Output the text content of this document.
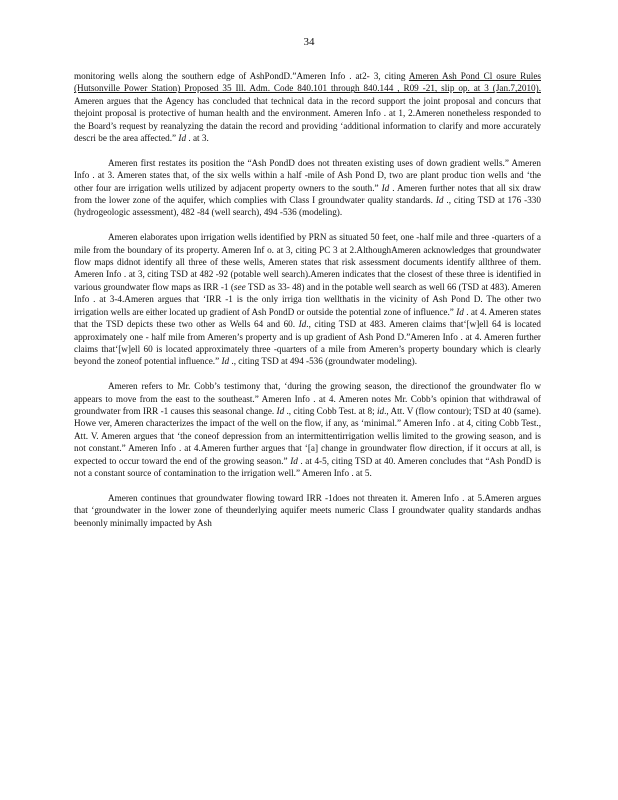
34

monitoring wells along the southern edge of AshPondD.”Ameren Info . at2- 3, citing Ameren Ash Pond Cl osure Rules (Hutsonville Power Station) Proposed 35 Ill. Adm. Code 840.101 through 840.144 , R09 -21, slip op. at 3 (Jan.7,2010). Ameren argues that the Agency has concluded that technical data in the record support the joint proposal and concurs that thejoint proposal is protective of human health and the environment. Ameren Info . at 1, 2.Ameren nonetheless responded to the Board’s request by reanalyzing the datain the record and providing ‘additional information to clarify and more accurately descri be the area affected.” Id . at 3.

Ameren first restates its position the “Ash PondD does not threaten existing uses of down gradient wells.” Ameren Info . at 3. Ameren states that, of the six wells within a half -mile of Ash Pond D, two are plant produc tion wells and ‘the other four are irrigation wells utilized by adjacent property owners to the south.” Id . Ameren further notes that all six draw from the lower zone of the aquifer, which complies with Class I groundwater quality standards. Id ., citing TSD at 176 -330 (hydrogeologic assessment), 482 -84 (well search), 494 -536 (modeling).

Ameren elaborates upon irrigation wells identified by PRN as situated 50 feet, one -half mile and three -quarters of a mile from the boundary of its property. Ameren Inf o. at 3, citing PC 3 at 2.AlthoughAmeren acknowledges that groundwater flow maps didnot identify all three of these wells, Ameren states that risk assessment documents identify allthree of them. Ameren Info . at 3, citing TSD at 482 -92 (potable well search).Ameren indicates that the closest of these three is identified in various groundwater flow maps as IRR -1 (see TSD as 33- 48) and in the potable well search as well 66 (TSD at 483). Ameren Info . at 3-4.Ameren argues that ‘IRR -1 is the only irriga tion wellthatis in the vicinity of Ash Pond D. The other two irrigation wells are either located up gradient of Ash PondD or outside the potential zone of influence.” Id . at 4. Ameren states that the TSD depicts these two other as Wells 64 and 60. Id., citing TSD at 483. Ameren claims that‘[w]ell 64 is located approximately one - half mile from Ameren’s property and is up gradient of Ash Pond D.”Ameren Info . at 4. Ameren further claims that‘[w]ell 60 is located approximately three -quarters of a mile from Ameren’s property boundary which is clearly beyond the zoneof potential influence.” Id ., citing TSD at 494 -536 (groundwater modeling).

Ameren refers to Mr. Cobb’s testimony that, ‘during the growing season, the directionof the groundwater flo w appears to move from the east to the southeast.” Ameren Info . at 4. Ameren notes Mr. Cobb’s opinion that withdrawal of groundwater from IRR -1 causes this seasonal change. Id ., citing Cobb Test. at 8; id., Att. V (flow contour); TSD at 40 (same). Howe ver, Ameren characterizes the impact of the well on the flow, if any, as ‘minimal.” Ameren Info . at 4, citing Cobb Test., Att. V. Ameren argues that ‘the coneof depression from an intermittentirrigation wellis limited to the growing season, and is not constant.” Ameren Info . at 4.Ameren further argues that ‘[a] change in groundwater flow direction, if it occurs at all, is expected to occur toward the end of the growing season.” Id . at 4-5, citing TSD at 40. Ameren concludes that “Ash PondD is not a constant source of contamination to the irrigation well.” Ameren Info . at 5.

Ameren continues that groundwater flowing toward IRR -1does not threaten it. Ameren Info . at 5.Ameren argues that ‘groundwater in the lower zone of theunderlying aquifer meets numeric Class I groundwater quality standards andhas beenonly minimally impacted by Ash
